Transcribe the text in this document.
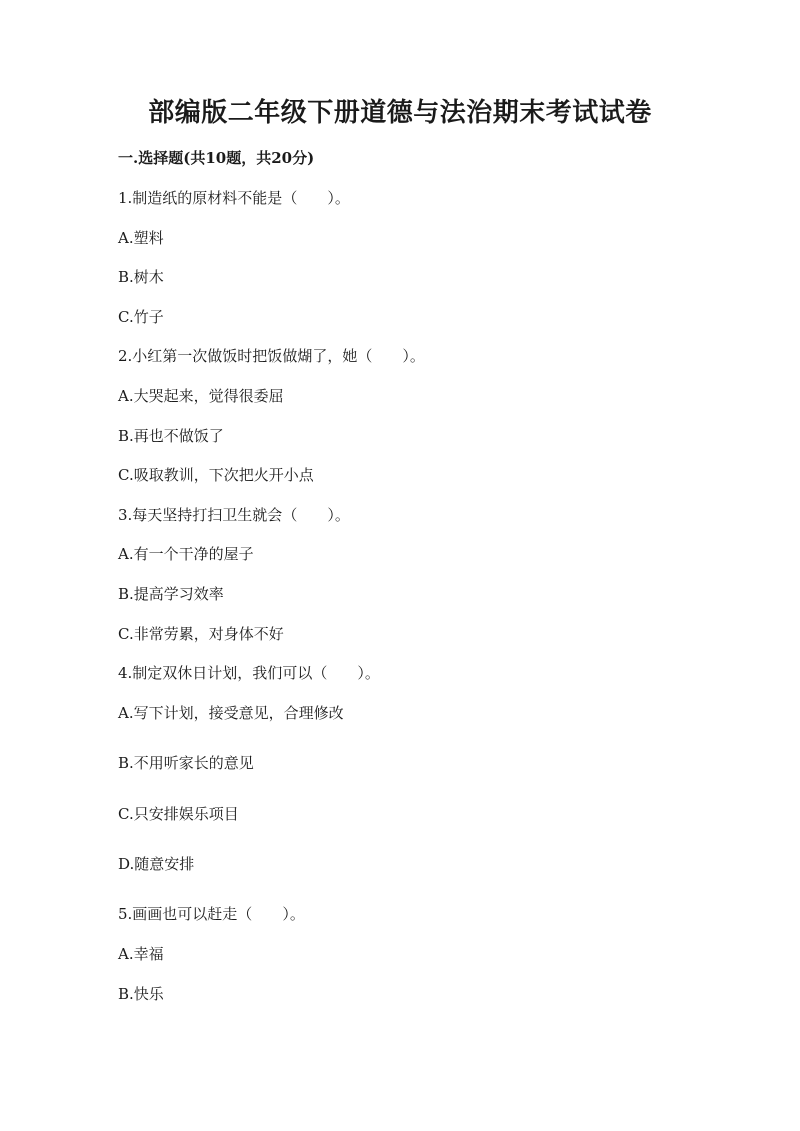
部编版二年级下册道德与法治期末考试试卷
一.选择题(共10题，共20分)
1.制造纸的原材料不能是（　　）。
A.塑料
B.树木
C.竹子
2.小红第一次做饭时把饭做煳了，她（　　）。
A.大哭起来，觉得很委屈
B.再也不做饭了
C.吸取教训，下次把火开小点
3.每天坚持打扫卫生就会（　　）。
A.有一个干净的屋子
B.提高学习效率
C.非常劳累，对身体不好
4.制定双休日计划，我们可以（　　）。
A.写下计划，接受意见，合理修改
B.不用听家长的意见
C.只安排娱乐项目
D.随意安排
5.画画也可以赶走（　　）。
A.幸福
B.快乐
